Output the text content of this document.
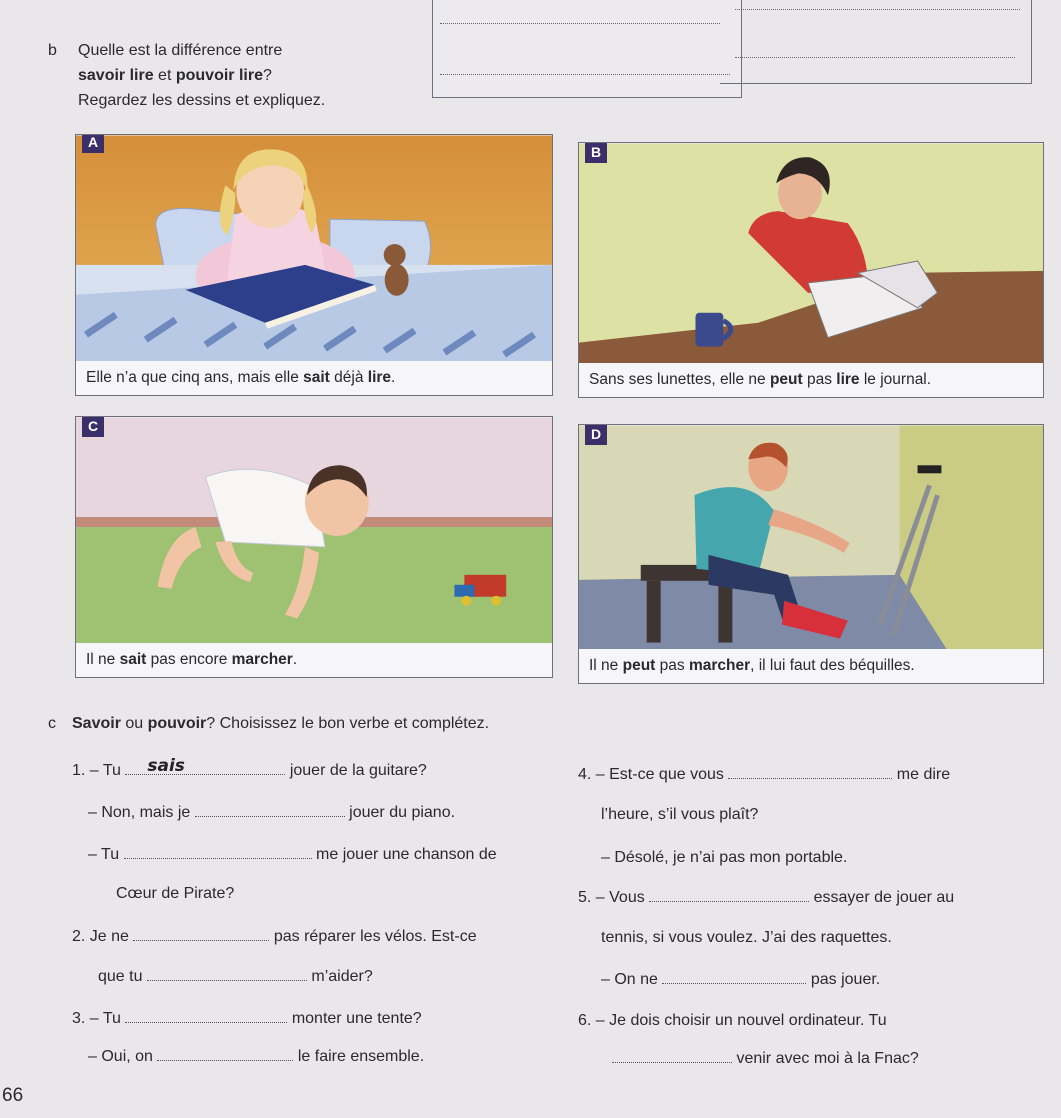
b Quelle est la différence entre
savoir lire et pouvoir lire?
Regardez les dessins et expliquez.
A
Elle n’a que cinq ans, mais elle sait déjà lire.
B
Sans ses lunettes, elle ne peut pas lire le journal.
C
Il ne sait pas encore marcher.
D
Il ne peut pas marcher, il lui faut des béquilles.
c Savoir ou pouvoir? Choisissez le bon verbe et complétez.
1. – Tu sais	jouer de la guitare?
– Non, mais je	jouer du piano.
– Tu	me jouer une chanson de
Cœur de Pirate?
2. Je ne	pas réparer les vélos. Est-ce
que tu	m’aider?
3. – Tu	monter une tente?
– Oui, on	le faire ensemble.
4. – Est-ce que vous	me dire
l’heure, s’il vous plaît?
– Désolé, je n’ai pas mon portable.
5. – Vous	essayer de jouer au
tennis, si vous voulez. J’ai des raquettes.
– On ne	pas jouer.
6. – Je dois choisir un nouvel ordinateur. Tu
venir avec moi à la Fnac?
66
